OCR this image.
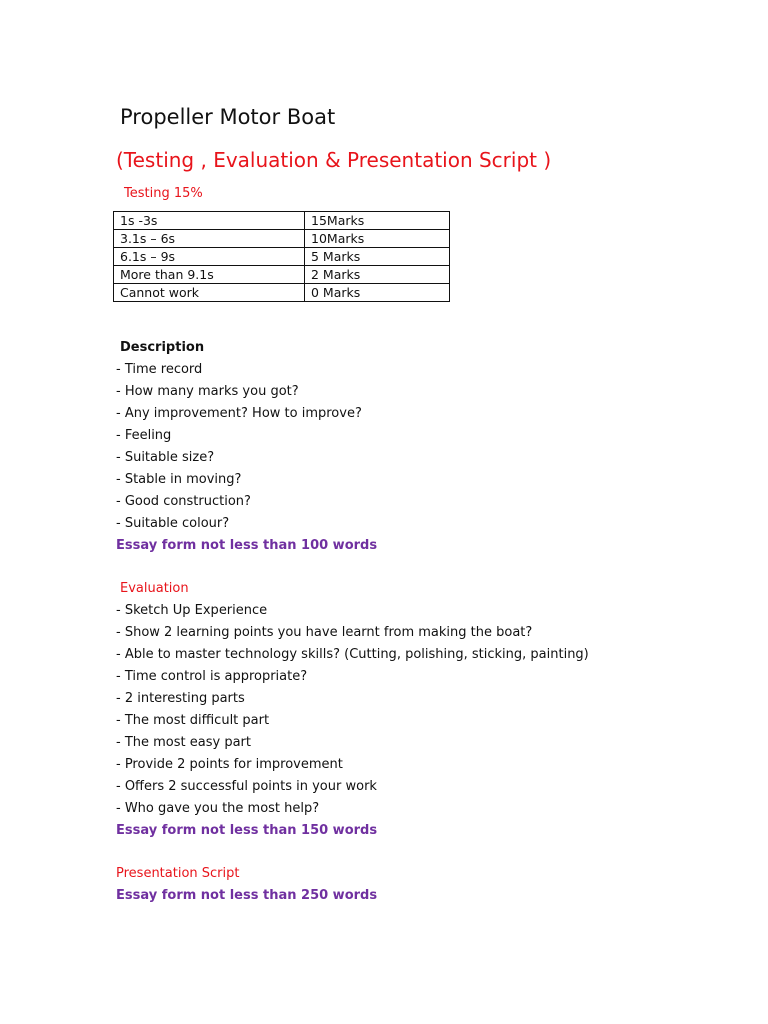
Propeller Motor Boat
(Testing , Evaluation & Presentation Script )
Testing 15%
1s -3s	15Marks
3.1s – 6s	10Marks
6.1s – 9s	5 Marks
More than 9.1s	2 Marks
Cannot work	0 Marks
Description
- Time record
- How many marks you got?
- Any improvement? How to improve?
- Feeling
- Suitable size?
- Stable in moving?
- Good construction?
- Suitable colour?
Essay form not less than 100 words
Evaluation
- Sketch Up Experience
- Show 2 learning points you have learnt from making the boat?
- Able to master technology skills? (Cutting, polishing, sticking, painting)
- Time control is appropriate?
- 2 interesting parts
- The most difficult part
- The most easy part
- Provide 2 points for improvement
- Offers 2 successful points in your work
- Who gave you the most help?
Essay form not less than 150 words
Presentation Script
Essay form not less than 250 words
